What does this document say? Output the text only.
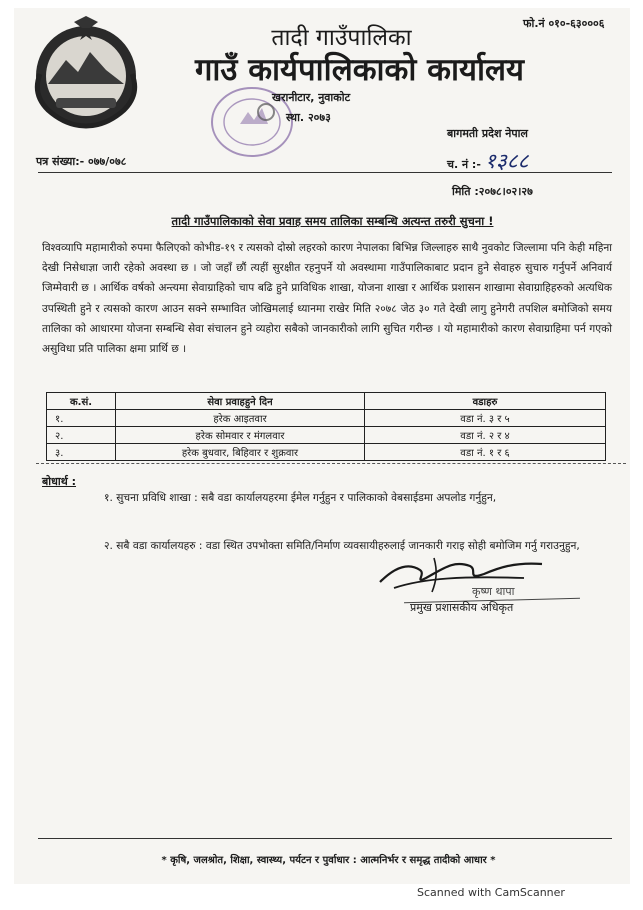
फो.नं ०१०-६३०००६
तादी गाउँपालिका
गाउँ कार्यपालिकाको कार्यालय
खरानीटार, नुवाकोट
स्था. २०७३
बागमती प्रदेश नेपाल
पत्र संख्या:- ०७७/०७८	च. नं :- १३८८
मिति :२०७८।०२।२७
तादी गाउँपालिकाको सेवा प्रवाह समय तालिका सम्बन्धि अत्यन्त तरुरी सुचना !
विश्वव्यापि महामारीको रुपमा फैलिएको कोभीड-१९ र त्यसको दोस्रो लहरको कारण नेपालका बिभिन्न जिल्लाहरु साथै नुवकोट जिल्लामा पनि केही महिना देखी निसेधाज्ञा जारी रहेको अवस्था छ । जो जहाँ छौं त्यहीं सुरक्षीत रहनुपर्ने यो अवस्थामा गाउँपालिकाबाट प्रदान हुने सेवाहरु सुचारु गर्नुपर्ने अनिवार्य जिम्मेवारी छ । आर्थिक वर्षको अन्त्यमा सेवाग्राहिको चाप बढि हुने प्राविधिक शाखा, योजना शाखा र आर्थिक प्रशासन शाखामा सेवाग्राहिहरुको अत्यधिक उपस्थिती हुने र त्यसको कारण आउन सक्ने सम्भावित जोखिमलाई ध्यानमा राखेर मिति २०७८ जेठ ३० गते देखी लागु हुनेगरी तपशिल बमोजिको समय तालिका को आधारमा योजना सम्बन्धि सेवा संचालन हुने व्यहोरा सबैको जानकारीको लागि सुचित गरीन्छ । यो महामारीको कारण सेवाग्राहिमा पर्न गएको असुविधा प्रति पालिका क्षमा प्रार्थि छ ।
क.सं.	सेवा प्रवाहहुने दिन	वडाहरु
१.	हरेक आइतवार	वडा नं. ३ र ५
२.	हरेक सोमवार र मंगलवार	वडा नं. २ र ४
३.	हरेक बुधवार, बिहिवार र शुक्रवार	वडा नं. १ र ६
बोधार्थ :
१. सुचना प्रविधि शाखा : सबै वडा कार्यालयहरमा ईमेल गर्नुहुन र पालिकाको वेबसाईडमा अपलोड गर्नुहुन,
२. सबै वडा कार्यालयहरु : वडा स्थित उपभोक्ता समिति/निर्माण व्यवसायीहरुलाई जानकारी गराइ सोही बमोजिम गर्नु गराउनुहुन,
कृष्ण थापा
प्रमुख प्रशासकीय अधिकृत
* कृषि, जलश्रोत, शिक्षा, स्वास्थ्य, पर्यटन र पुर्वाधार : आत्मनिर्भर र समृद्ध तादीको आधार *
Scanned with CamScanner
